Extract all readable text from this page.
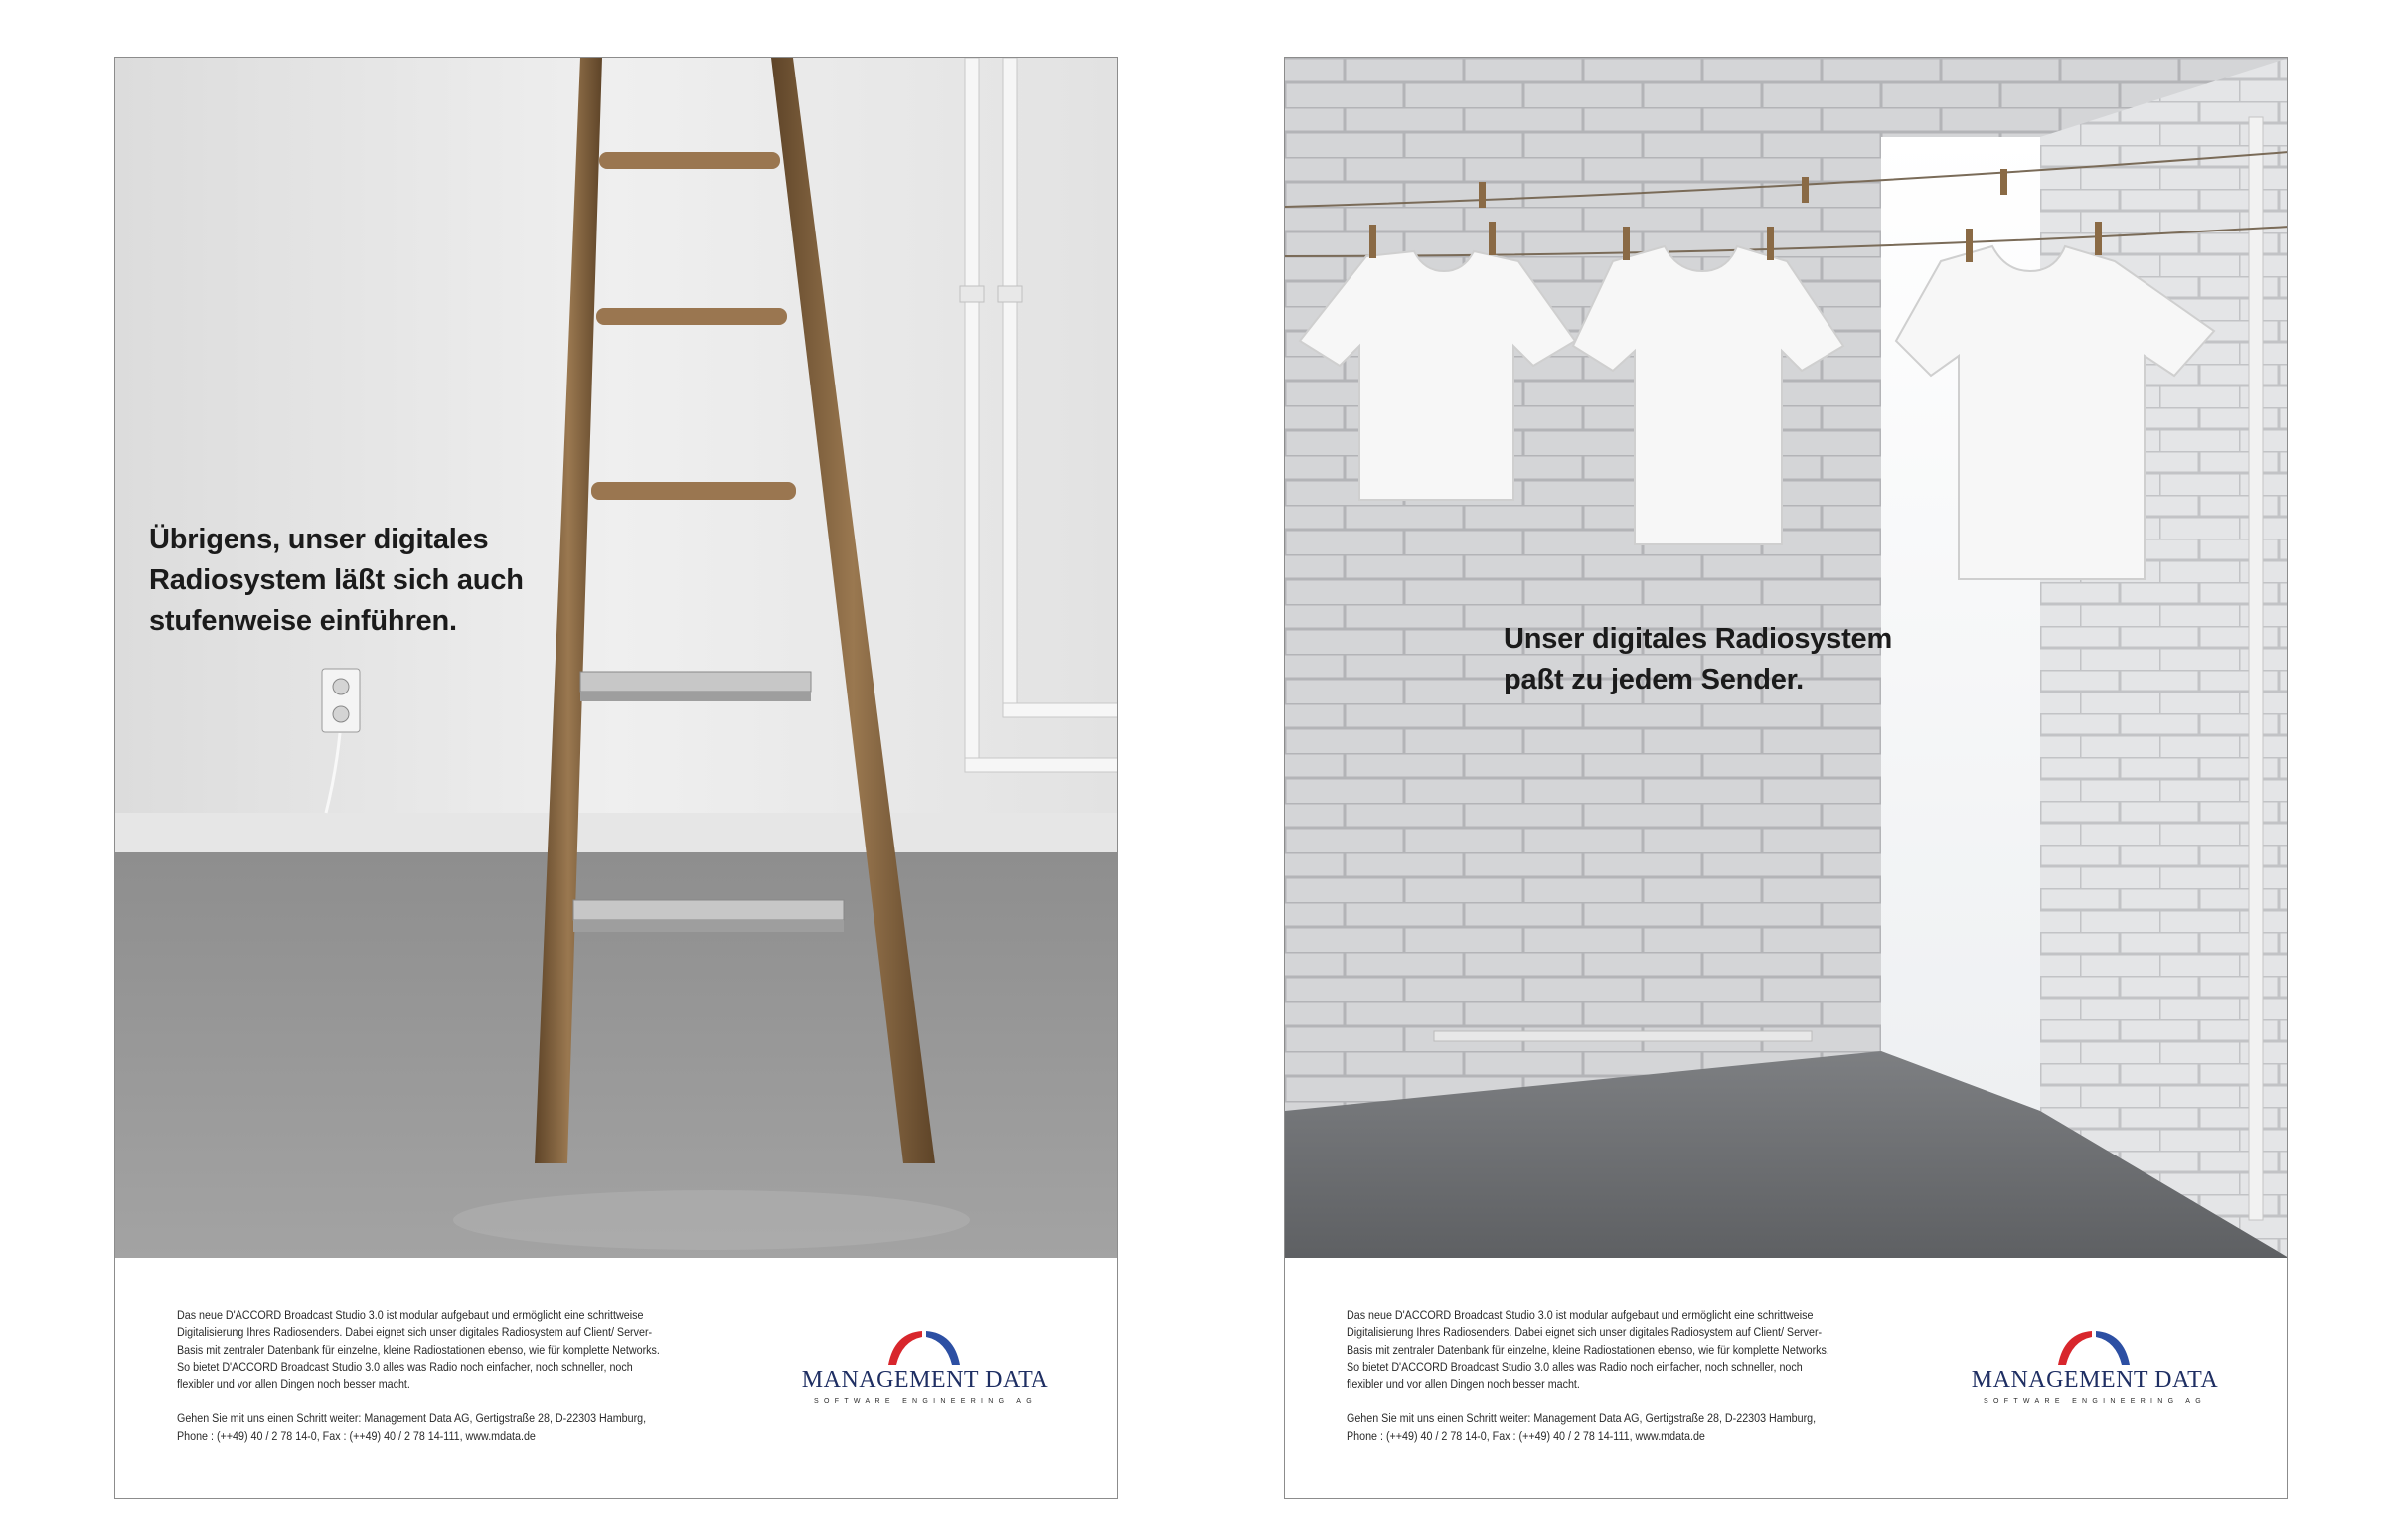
Übrigens, unser digitales
Radiosystem läßt sich auch
stufenweise einführen.
Das neue D'ACCORD Broadcast Studio 3.0 ist modular aufgebaut und ermöglicht eine schrittweise
Digitalisierung Ihres Radiosenders. Dabei eignet sich unser digitales Radiosystem auf Client/ Server-
Basis mit zentraler Datenbank für einzelne, kleine Radiostationen ebenso, wie für komplette Networks.
So bietet D'ACCORD Broadcast Studio 3.0 alles was Radio noch einfacher, noch schneller, noch
flexibler und vor allen Dingen noch besser macht.
Gehen Sie mit uns einen Schritt weiter: Management Data AG, Gertigstraße 28, D-22303 Hamburg,
Phone : (++49) 40 / 2 78 14-0, Fax : (++49) 40 / 2 78 14-111, www.mdata.de
MANAGEMENT DATA
SOFTWARE ENGINEERING AG
Unser digitales Radiosystem
paßt zu jedem Sender.
Das neue D'ACCORD Broadcast Studio 3.0 ist modular aufgebaut und ermöglicht eine schrittweise
Digitalisierung Ihres Radiosenders. Dabei eignet sich unser digitales Radiosystem auf Client/ Server-
Basis mit zentraler Datenbank für einzelne, kleine Radiostationen ebenso, wie für komplette Networks.
So bietet D'ACCORD Broadcast Studio 3.0 alles was Radio noch einfacher, noch schneller, noch
flexibler und vor allen Dingen noch besser macht.
Gehen Sie mit uns einen Schritt weiter: Management Data AG, Gertigstraße 28, D-22303 Hamburg,
Phone : (++49) 40 / 2 78 14-0, Fax : (++49) 40 / 2 78 14-111, www.mdata.de
MANAGEMENT DATA
SOFTWARE ENGINEERING AG
